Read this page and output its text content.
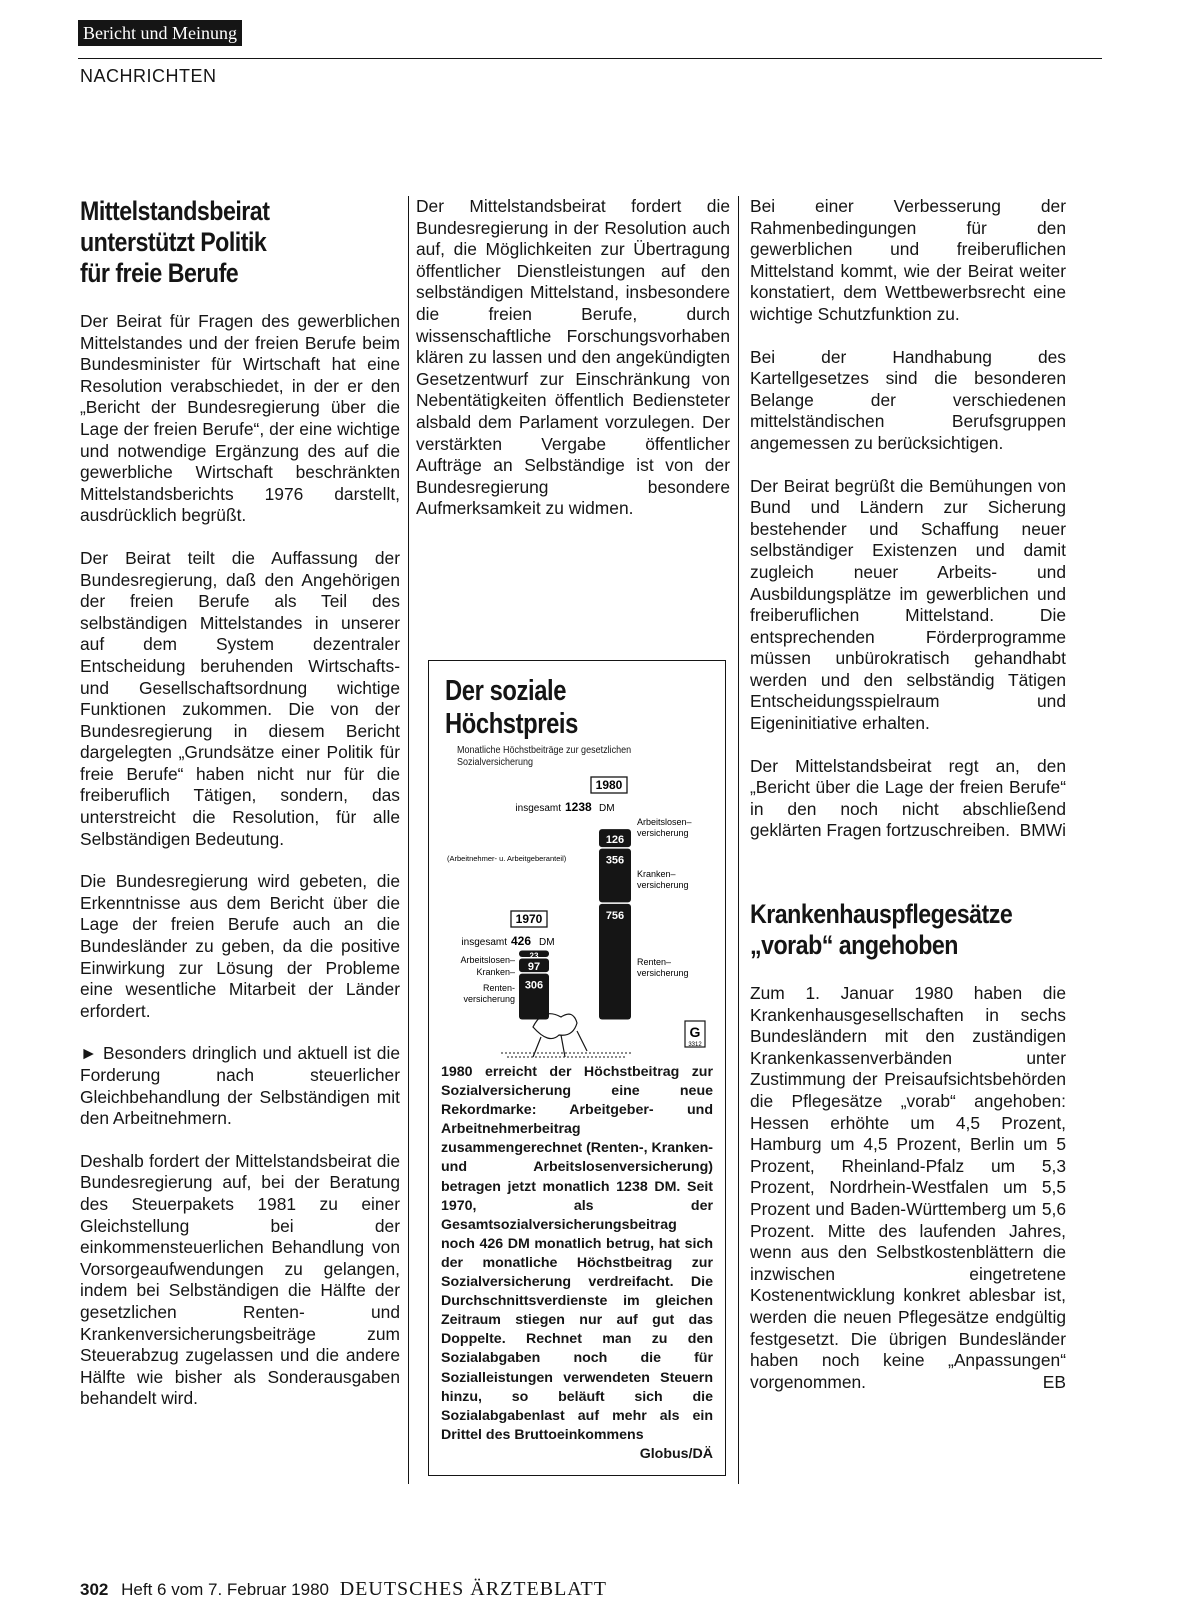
Bericht und Meinung
NACHRICHTEN
Mittelstandsbeirat
unterstützt Politik
für freie Berufe

Der Beirat für Fragen des gewerblichen Mittelstandes und der freien Berufe beim Bundesminister für Wirtschaft hat eine Resolution verabschiedet, in der er den „Bericht der Bundesregierung über die Lage der freien Berufe“, der eine wichtige und notwendige Ergänzung des auf die gewerbliche Wirtschaft beschränkten Mittelstandsberichts 1976 darstellt, ausdrücklich begrüßt.

Der Beirat teilt die Auffassung der Bundesregierung, daß den Angehörigen der freien Berufe als Teil des selbständigen Mittelstandes in unserer auf dem System dezentraler Entscheidung beruhenden Wirtschafts- und Gesellschaftsordnung wichtige Funktionen zukommen. Die von der Bundesregierung in diesem Bericht dargelegten „Grundsätze einer Politik für freie Berufe“ haben nicht nur für die freiberuflich Tätigen, sondern, das unterstreicht die Resolution, für alle Selbständigen Bedeutung.

Die Bundesregierung wird gebeten, die Erkenntnisse aus dem Bericht über die Lage der freien Berufe auch an die Bundesländer zu geben, da die positive Einwirkung zur Lösung der Probleme eine wesentliche Mitarbeit der Länder erfordert.

► Besonders dringlich und aktuell ist die Forderung nach steuerlicher Gleichbehandlung der Selbständigen mit den Arbeitnehmern.

Deshalb fordert der Mittelstandsbeirat die Bundesregierung auf, bei der Beratung des Steuerpakets 1981 zu einer Gleichstellung bei der einkommensteuerlichen Behandlung von Vorsorgeaufwendungen zu gelangen, indem bei Selbständigen die Hälfte der gesetzlichen Renten- und Krankenversicherungsbeiträge zum Steuerabzug zugelassen und die andere Hälfte wie bisher als Sonderausgaben behandelt wird.

Der Mittelstandsbeirat fordert die Bundesregierung in der Resolution auch auf, die Möglichkeiten zur Übertragung öffentlicher Dienstleistungen auf den selbständigen Mittelstand, insbesondere die freien Berufe, durch wissenschaftliche Forschungsvorhaben klären zu lassen und den angekündigten Gesetzentwurf zur Einschränkung von Nebentätigkeiten öffentlich Bediensteter alsbald dem Parlament vorzulegen. Der verstärkten Vergabe öffentlicher Aufträge an Selbständige ist von der Bundesregierung besondere Aufmerksamkeit zu widmen.

Der soziale
Höchstpreis
Monatliche Höchstbeiträge zur gesetzlichen
Sozialversicherung
1980
insgesamt 1238 DM
1970
insgesamt 426 DM
(Arbeitnehmer- u. Arbeitgeberanteil)
306
97
23
756
356
126
Arbeitslosen– versicherung
Kranken– versicherung
Renten– versicherung
Arbeitslosen–
Kranken–
Renten-
versicherung
G
3312
1980 erreicht der Höchstbeitrag zur Sozialversicherung eine neue Rekordmarke: Arbeitgeber- und Arbeitnehmerbeitrag zusammengerechnet (Renten-, Kranken- und Arbeitslosenversicherung) betragen jetzt monatlich 1238 DM. Seit 1970, als der Gesamtsozialversicherungsbeitrag noch 426 DM monatlich betrug, hat sich der monatliche Höchstbeitrag zur Sozialversicherung verdreifacht. Die Durchschnittsverdienste im gleichen Zeitraum stiegen nur auf gut das Doppelte. Rechnet man zu den Sozialabgaben noch die für Sozialleistungen verwendeten Steuern hinzu, so beläuft sich die Sozialabgabenlast auf mehr als ein Drittel des Bruttoeinkommens
Globus/DÄ

Bei einer Verbesserung der Rahmenbedingungen für den gewerblichen und freiberuflichen Mittelstand kommt, wie der Beirat weiter konstatiert, dem Wettbewerbsrecht eine wichtige Schutzfunktion zu.

Bei der Handhabung des Kartellgesetzes sind die besonderen Belange der verschiedenen mittelständischen Berufsgruppen angemessen zu berücksichtigen.

Der Beirat begrüßt die Bemühungen von Bund und Ländern zur Sicherung bestehender und Schaffung neuer selbständiger Existenzen und damit zugleich neuer Arbeits- und Ausbildungsplätze im gewerblichen und freiberuflichen Mittelstand. Die entsprechenden Förderprogramme müssen unbürokratisch gehandhabt werden und den selbständig Tätigen Entscheidungsspielraum und Eigeninitiative erhalten.

Der Mittelstandsbeirat regt an, den „Bericht über die Lage der freien Berufe“ in den noch nicht abschließend geklärten Fragen fortzuschreiben. BMWi

Krankenhauspflegesätze
„vorab“ angehoben

Zum 1. Januar 1980 haben die Krankenhausgesellschaften in sechs Bundesländern mit den zuständigen Krankenkassenverbänden unter Zustimmung der Preisaufsichtsbehörden die Pflegesätze „vorab“ angehoben: Hessen erhöhte um 4,5 Prozent, Hamburg um 4,5 Prozent, Berlin um 5 Prozent, Rheinland-Pfalz um 5,3 Prozent, Nordrhein-Westfalen um 5,5 Prozent und Baden-Württemberg um 5,6 Prozent. Mitte des laufenden Jahres, wenn aus den Selbstkostenblättern die inzwischen eingetretene Kostenentwicklung konkret ablesbar ist, werden die neuen Pflegesätze endgültig festgesetzt. Die übrigen Bundesländer haben noch keine „Anpassungen“ vorgenommen.	EB

302 Heft 6 vom 7. Februar 1980 DEUTSCHES ÄRZTEBLATT
